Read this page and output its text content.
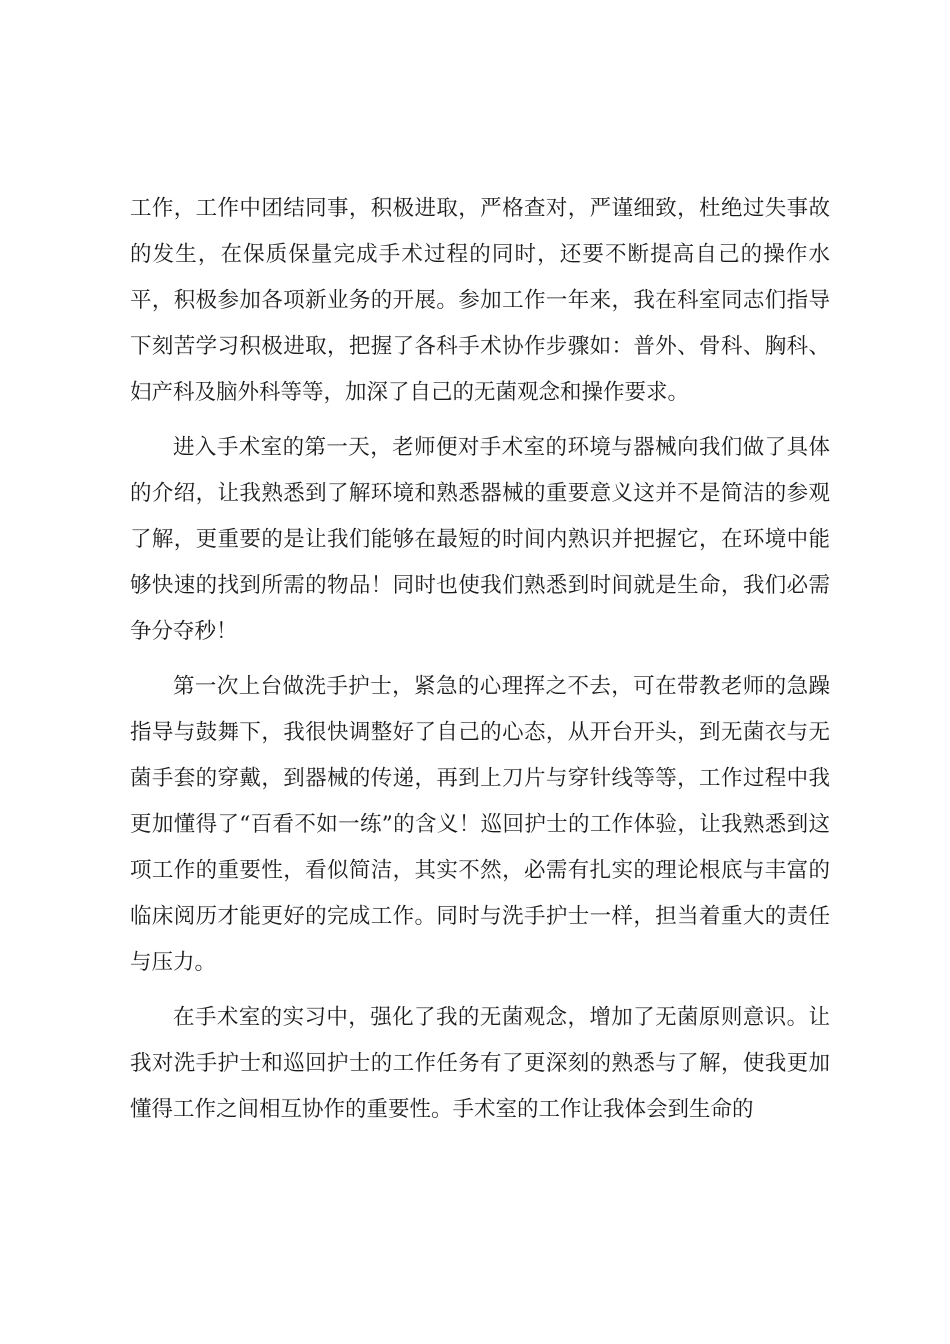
工作，工作中团结同事，积极进取，严格查对，严谨细致，杜绝过失事故的发生，在保质保量完成手术过程的同时，还要不断提高自己的操作水平，积极参加各项新业务的开展。参加工作一年来，我在科室同志们指导下刻苦学习积极进取，把握了各科手术协作步骤如：普外、骨科、胸科、妇产科及脑外科等等，加深了自己的无菌观念和操作要求。

进入手术室的第一天，老师便对手术室的环境与器械向我们做了具体的介绍，让我熟悉到了解环境和熟悉器械的重要意义这并不是简洁的参观了解，更重要的是让我们能够在最短的时间内熟识并把握它，在环境中能够快速的找到所需的物品！同时也使我们熟悉到时间就是生命，我们必需争分夺秒！

第一次上台做洗手护士，紧急的心理挥之不去，可在带教老师的急躁指导与鼓舞下，我很快调整好了自己的心态，从开台开头，到无菌衣与无菌手套的穿戴，到器械的传递，再到上刀片与穿针线等等，工作过程中我更加懂得了“百看不如一练”的含义！巡回护士的工作体验，让我熟悉到这项工作的重要性，看似简洁，其实不然，必需有扎实的理论根底与丰富的临床阅历才能更好的完成工作。同时与洗手护士一样，担当着重大的责任与压力。

在手术室的实习中，强化了我的无菌观念，增加了无菌原则意识。让我对洗手护士和巡回护士的工作任务有了更深刻的熟悉与了解，使我更加懂得工作之间相互协作的重要性。手术室的工作让我体会到生命的
